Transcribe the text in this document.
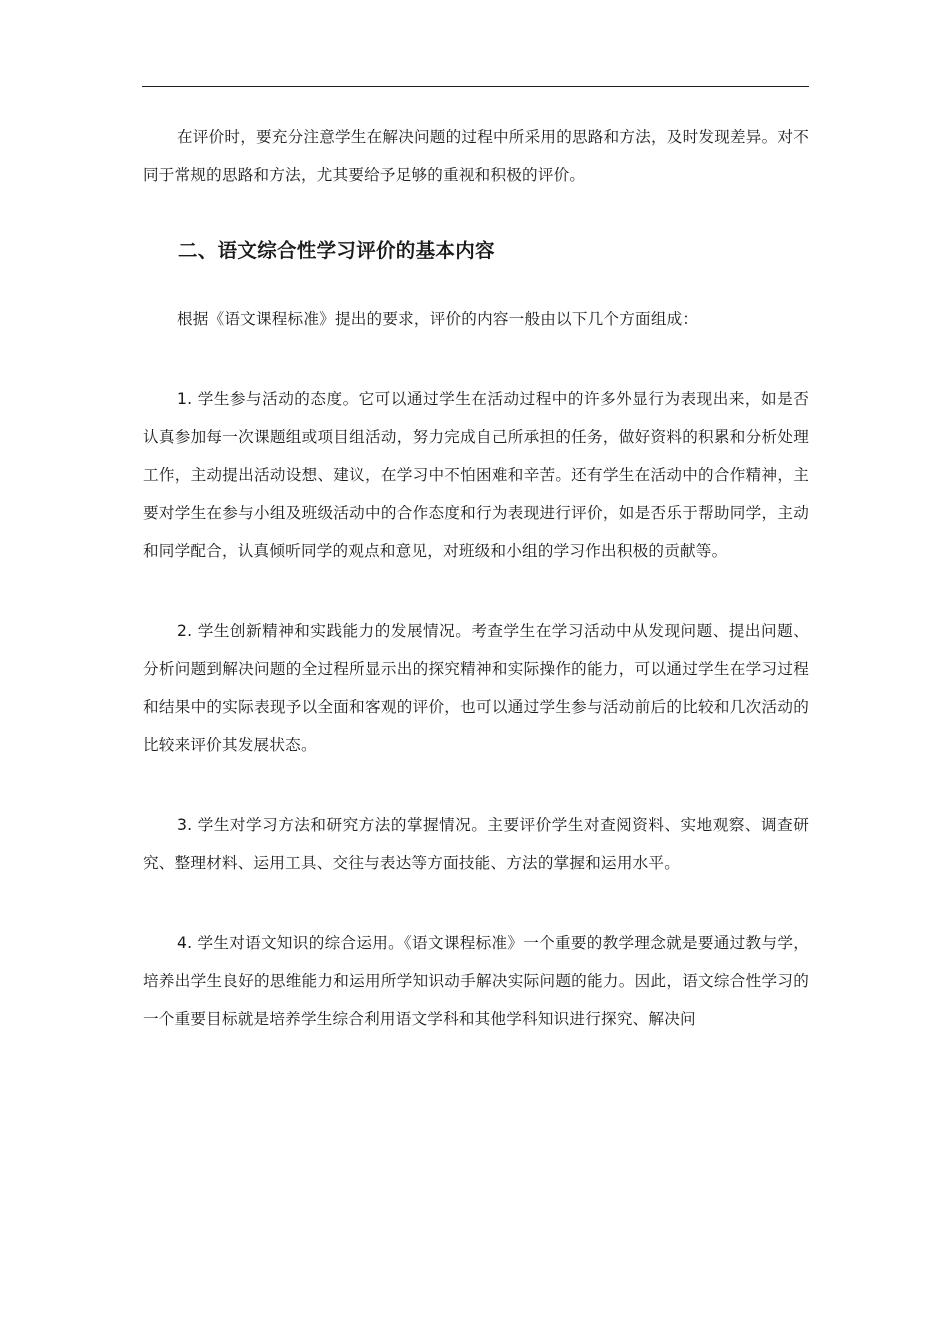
在评价时，要充分注意学生在解决问题的过程中所采用的思路和方法，及时发现差异。对不同于常规的思路和方法，尤其要给予足够的重视和积极的评价。

二、语文综合性学习评价的基本内容

根据《语文课程标准》提出的要求，评价的内容一般由以下几个方面组成：

1. 学生参与活动的态度。它可以通过学生在活动过程中的许多外显行为表现出来，如是否认真参加每一次课题组或项目组活动，努力完成自己所承担的任务，做好资料的积累和分析处理工作，主动提出活动设想、建议，在学习中不怕困难和辛苦。还有学生在活动中的合作精神，主要对学生在参与小组及班级活动中的合作态度和行为表现进行评价，如是否乐于帮助同学，主动和同学配合，认真倾听同学的观点和意见，对班级和小组的学习作出积极的贡献等。

2. 学生创新精神和实践能力的发展情况。考查学生在学习活动中从发现问题、提出问题、分析问题到解决问题的全过程所显示出的探究精神和实际操作的能力，可以通过学生在学习过程和结果中的实际表现予以全面和客观的评价，也可以通过学生参与活动前后的比较和几次活动的比较来评价其发展状态。

3. 学生对学习方法和研究方法的掌握情况。主要评价学生对查阅资料、实地观察、调查研究、整理材料、运用工具、交往与表达等方面技能、方法的掌握和运用水平。

4. 学生对语文知识的综合运用。《语文课程标准》一个重要的教学理念就是要通过教与学，培养出学生良好的思维能力和运用所学知识动手解决实际问题的能力。因此，语文综合性学习的一个重要目标就是培养学生综合利用语文学科和其他学科知识进行探究、解决问
